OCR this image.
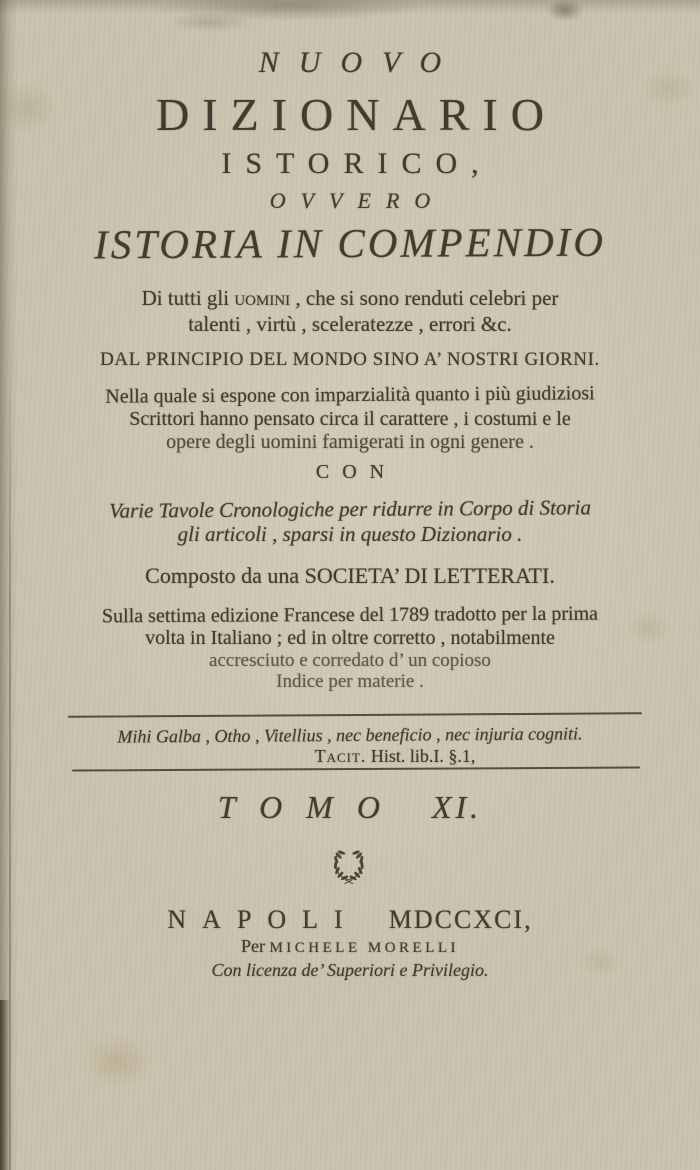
NUOVO
DIZIONARIO
ISTORICO,
OVVERO
ISTORIA IN COMPENDIO
Di tutti gli uomini , che si sono renduti celebri per
talenti , virtù , sceleratezze , errori &c.
DAL PRINCIPIO DEL MONDO SINO A’ NOSTRI GIORNI.
Nella quale si espone con imparzialità quanto i più giudiziosi
Scrittori hanno pensato circa il carattere , i costumi e le
opere degli uomini famigerati in ogni genere .
CON
Varie Tavole Cronologiche per ridurre in Corpo di Storia
gli articoli , sparsi in questo Dizionario .
Composto da una SOCIETA’ DI LETTERATI.
Sulla settima edizione Francese del 1789 tradotto per la prima
volta in Italiano ; ed in oltre corretto , notabilmente
accresciuto e corredato d’ un copioso
Indice per materie .
Mihi Galba , Otho , Vitellius , nec beneficio , nec injuria cogniti.
Tacit. Hist. lib.I. §.1,
TOMO XI.
NAPOLI MDCCXCI,
Per MICHELE MORELLI
Con licenza de’ Superiori e Privilegio.
